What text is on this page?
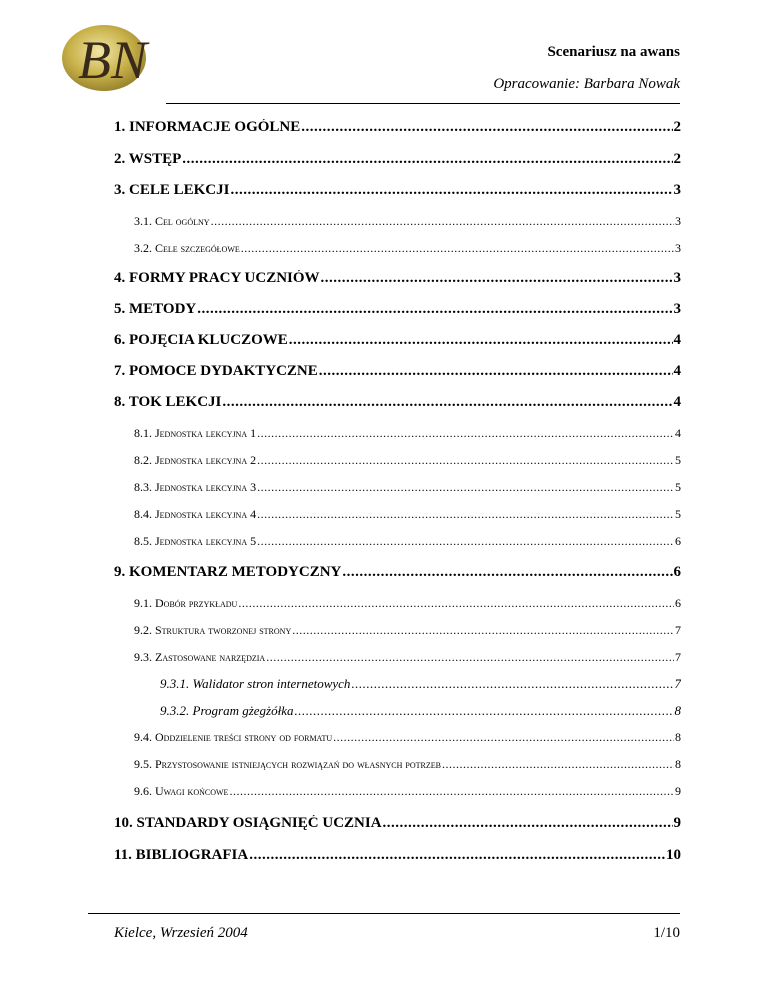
BN	Scenariusz na awans
Opracowanie: Barbara Nowak
1. INFORMACJE OGÓLNE .....	2
2. WSTĘP .....	2
3. CELE LEKCJI .....	3
3.1. Cel ogólny .....	3
3.2. Cele szczegółowe .....	3
4. FORMY PRACY UCZNIÓW .....	3
5. METODY .....	3
6. POJĘCIA KLUCZOWE .....	4
7. POMOCE DYDAKTYCZNE .....	4
8. TOK LEKCJI .....	4
8.1. Jednostka lekcyjna 1 .....	4
8.2. Jednostka lekcyjna 2 .....	5
8.3. Jednostka lekcyjna 3 .....	5
8.4. Jednostka lekcyjna 4 .....	5
8.5. Jednostka lekcyjna 5 .....	6
9. KOMENTARZ METODYCZNY .....	6
9.1. Dobór przykładu .....	6
9.2. Struktura tworzonej strony .....	7
9.3. Zastosowane narzędzia .....	7
9.3.1. Walidator stron internetowych .....	7
9.3.2. Program gżegżółka .....	8
9.4. Oddzielenie treści strony od formatu .....	8
9.5. Przystosowanie istniejących rozwiązań do własnych potrzeb .....	8
9.6. Uwagi końcowe .....	9
10. STANDARDY OSIĄGNIĘĆ UCZNIA .....	9
11. BIBLIOGRAFIA .....	10
Kielce, Wrzesień 2004	1/10
